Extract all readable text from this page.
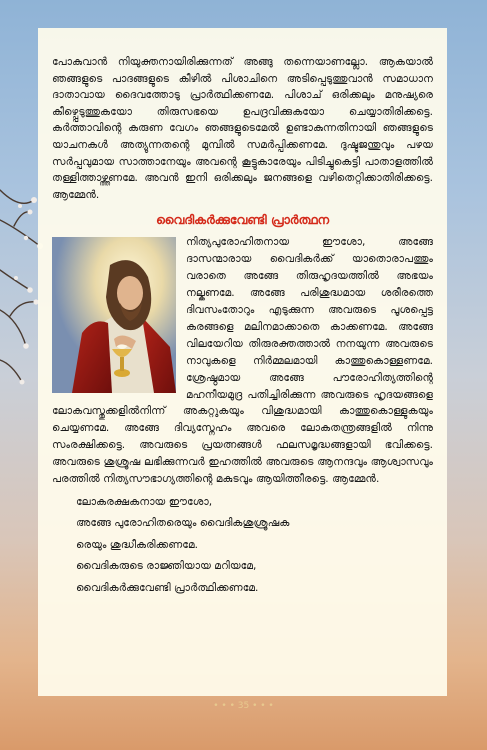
പോകുവാൻ നിയുക്തനായിരിക്കുന്നത് അങ്ങു തന്നെയാണല്ലോ. ആകയാൽ ഞങ്ങളുടെ പാദങ്ങളുടെ കീഴിൽ പിശാചിനെ അടിപ്പെടുത്തുവാൻ സമാധാന ദാതാവായ ദൈവത്തോടു പ്രാർത്ഥിക്കണമേ. പിശാച് ഒരിക്കലും മനുഷ്യരെ കീഴ്പ്പെടുത്തുകയോ തിരുസഭയെ ഉപദ്രവിക്കുകയോ ചെയ്യാതിരിക്കട്ടെ. കർത്താവിന്റെ കരുണ വേഗം ഞങ്ങളുടെമേൽ ഉണ്ടാകുന്നതിനായി ഞങ്ങളുടെ യാചനകൾ അത്യുന്നതന്റെ മുമ്പിൽ സമർപ്പിക്കണമേ. ദുഷ്ടജന്തുവും പഴയ സർപ്പവുമായ സാത്താനേയും അവന്റെ കൂട്ടുകാരേയും പിടിച്ചുകെട്ടി പാതാളത്തിൽ തള്ളിത്താഴ്ത്തണമേ. അവൻ ഇനി ഒരിക്കലും ജനങ്ങളെ വഴിതെറ്റിക്കാതിരിക്കട്ടെ. ആമ്മേൻ.

വൈദികർക്കുവേണ്ടി പ്രാർത്ഥന

നിത്യപുരോഹിതനായ ഈശോ, അങ്ങേ ദാസന്മാരായ വൈദികർക്ക് യാതൊരാപത്തും വരാതെ അങ്ങേ തിരുഹൃദയത്തിൽ അഭയം നല്കണമേ. അങ്ങേ പരിശുദ്ധമായ ശരീരത്തെ ദിവസംതോറും എടുക്കുന്ന അവരുടെ പൂശപ്പെട്ട കരങ്ങളെ മലിനമാക്കാതെ കാക്കണമേ. അങ്ങേ വിലയേറിയ തിരുരക്തത്താൽ നനയുന്ന അവരുടെ നാവുകളെ നിർമ്മലമായി കാത്തുകൊള്ളണമേ. ശ്രേഷ്ഠമായ അങ്ങേ പൗരോഹിത്യത്തിന്റെ മഹനീയമുദ്ര പതിച്ചിരിക്കുന്ന അവരുടെ ഹൃദയങ്ങളെ ലോകവസ്തുക്കളിൽനിന്ന് അകറ്റുകയും വിശുദ്ധമായി കാത്തുകൊള്ളുകയും ചെയ്യണമേ. അങ്ങേ ദിവ്യസ്നേഹം അവരെ ലോകതന്ത്രങ്ങളിൽ നിന്നു സംരക്ഷിക്കട്ടെ. അവരുടെ പ്രയത്നങ്ങൾ ഫലസമൃദ്ധങ്ങളായി ഭവിക്കട്ടെ. അവരുടെ ശുശ്രൂഷ ലഭിക്കുന്നവർ ഇഹത്തിൽ അവരുടെ ആനന്ദവും ആശ്വാസവും പരത്തിൽ നിത്യസൗഭാഗ്യത്തിന്റെ മകുടവും ആയിത്തീരട്ടെ. ആമ്മേൻ.

ലോകരക്ഷകനായ ഈശോ,
അങ്ങേ പുരോഹിതരെയും വൈദികശുശ്രൂഷക
രെയും ശുദ്ധീകരിക്കണമേ.
വൈദികരുടെ രാജ്ഞിയായ മറിയമേ,
വൈദികർക്കുവേണ്ടി പ്രാർത്ഥിക്കണമേ.
• • • 35 • • •
